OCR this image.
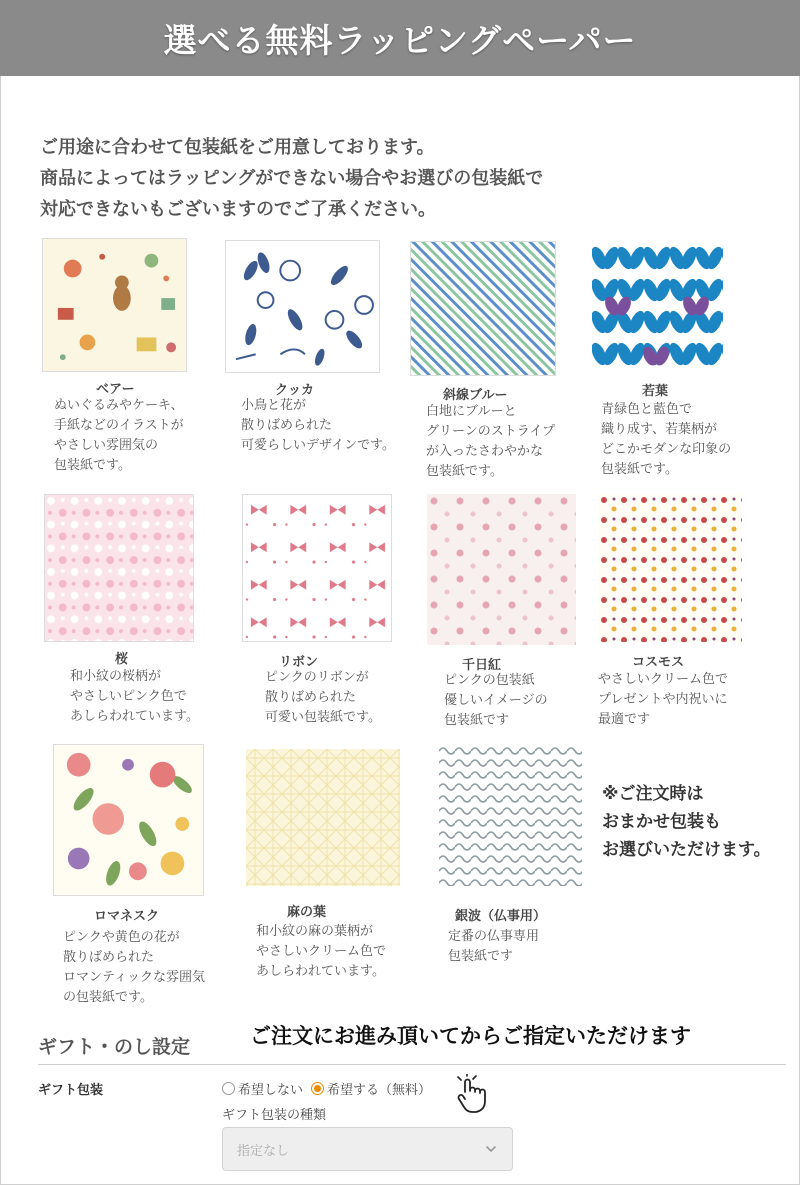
選べる無料ラッピングペーパー
ご用途に合わせて包装紙をご用意しております。
商品によってはラッピングができない場合やお選びの包装紙で
対応できないもございますのでご了承ください。
ベアー
ぬいぐるみやケーキ、
手紙などのイラストが
やさしい雰囲気の
包装紙です。
クッカ
小鳥と花が
散りばめられた
可愛らしいデザインです。
斜線ブルー
白地にブルーと
グリーンのストライプ
が入ったさわやかな
包装紙です。
若葉
青緑色と藍色で
織り成す、若葉柄が
どこかモダンな印象の
包装紙です。
桜
和小紋の桜柄が
やさしいピンク色で
あしらわれています。
リボン
ピンクのリボンが
散りばめられた
可愛い包装紙です。
千日紅
ピンクの包装紙
優しいイメージの
包装紙です
コスモス
やさしいクリーム色で
プレゼントや内祝いに
最適です
ロマネスク
ピンクや黄色の花が
散りばめられた
ロマンティックな雰囲気
の包装紙です。
麻の葉
和小紋の麻の葉柄が
やさしいクリーム色で
あしらわれています。
銀波（仏事用）
定番の仏事専用
包装紙です
※ご注文時は
おまかせ包装も
お選びいただけます。
ギフト・のし設定	ご注文にお進み頂いてからご指定いただけます
ギフト包装	希望しない 希望する（無料）
ギフト包装の種類
指定なし
